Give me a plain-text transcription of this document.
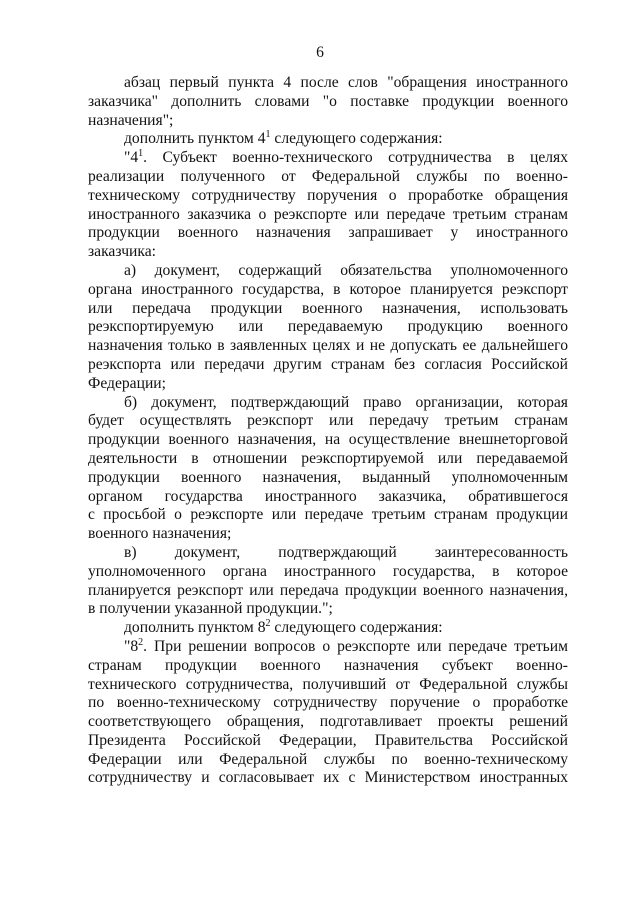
6
абзац первый пункта 4 после слов "обращения иностранного
заказчика" дополнить словами "о поставке продукции военного
назначения";
дополнить пунктом $4^1$ следующего содержания:
"$4^1$. Субъект военно-технического сотрудничества в целях
реализации полученного от Федеральной службы по военно-
техническому сотрудничеству поручения о проработке обращения
иностранного заказчика о реэкспорте или передаче третьим странам
продукции военного назначения запрашивает у иностранного
заказчика:
а) документ, содержащий обязательства уполномоченного
органа иностранного государства, в которое планируется реэкспорт
или передача продукции военного назначения, использовать
реэкспортируемую или передаваемую продукцию военного
назначения только в заявленных целях и не допускать ее дальнейшего
реэкспорта или передачи другим странам без согласия Российской
Федерации;
б) документ, подтверждающий право организации, которая
будет осуществлять реэкспорт или передачу третьим странам
продукции военного назначения, на осуществление внешнеторговой
деятельности в отношении реэкспортируемой или передаваемой
продукции военного назначения, выданный уполномоченным
органом государства иностранного заказчика, обратившегося
с просьбой о реэкспорте или передаче третьим странам продукции
военного назначения;
в) документ, подтверждающий заинтересованность
уполномоченного органа иностранного государства, в которое
планируется реэкспорт или передача продукции военного назначения,
в получении указанной продукции.";
дополнить пунктом $8^2$ следующего содержания:
"$8^2$. При решении вопросов о реэкспорте или передаче третьим
странам продукции военного назначения субъект военно-
технического сотрудничества, получивший от Федеральной службы
по военно-техническому сотрудничеству поручение о проработке
соответствующего обращения, подготавливает проекты решений
Президента Российской Федерации, Правительства Российской
Федерации или Федеральной службы по военно-техническому
сотрудничеству и согласовывает их с Министерством иностранных
